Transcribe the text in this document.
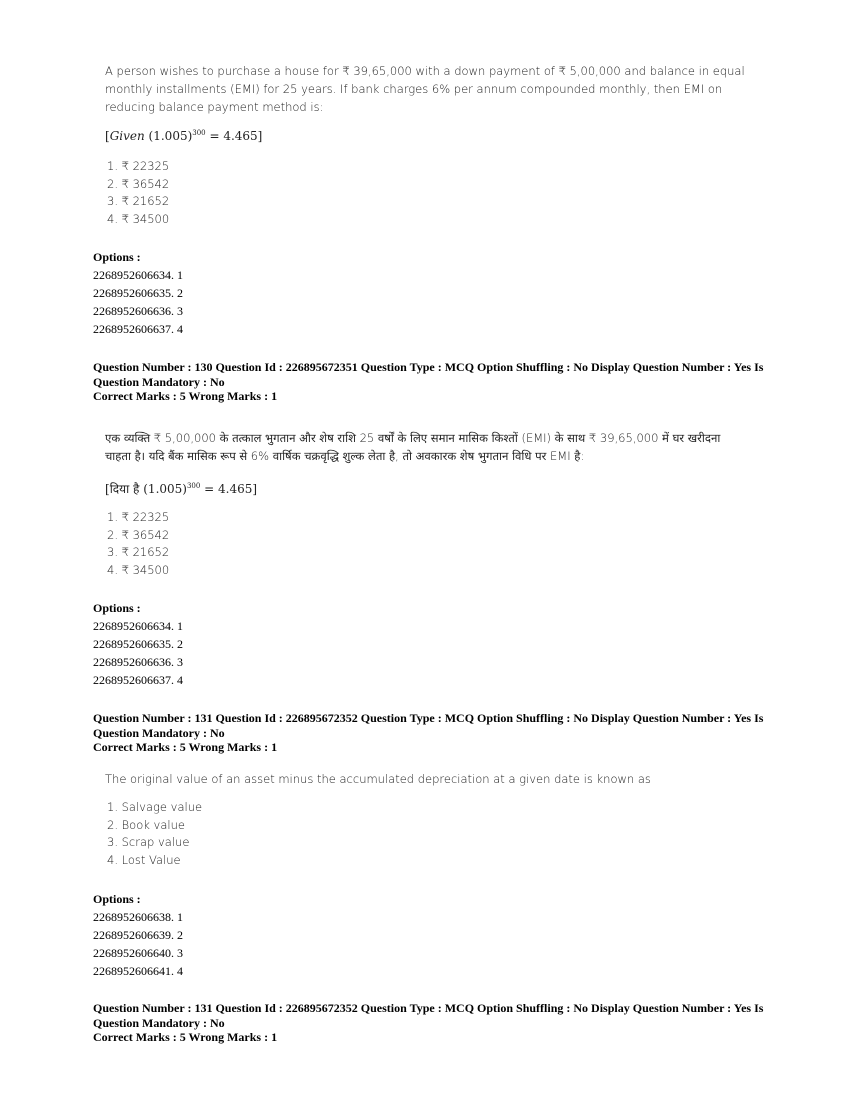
A person wishes to purchase a house for ₹ 39,65,000 with a down payment of ₹ 5,00,000 and balance in equal monthly installments (EMI) for 25 years. If bank charges 6% per annum compounded monthly, then EMI on reducing balance payment method is:
[Given $(1.005)^{300} = 4.465$]
1. ₹ 22325
2. ₹ 36542
3. ₹ 21652
4. ₹ 34500
Options :
2268952606634. 1
2268952606635. 2
2268952606636. 3
2268952606637. 4
Question Number : 130 Question Id : 226895672351 Question Type : MCQ Option Shuffling : No Display Question Number : Yes Is Question Mandatory : No
Correct Marks : 5 Wrong Marks : 1
एक व्यक्ति ₹ 5,00,000 के तत्काल भुगतान और शेष राशि 25 वर्षों के लिए समान मासिक किश्तों (EMI) के साथ ₹ 39,65,000 में घर खरीदना चाहता है। यदि बैंक मासिक रूप से 6% वार्षिक चक्रवृद्धि शुल्क लेता है, तो अवकारक शेष भुगतान विधि पर EMI है:
[दिया है $(1.005)^{300} = 4.465$]
1. ₹ 22325
2. ₹ 36542
3. ₹ 21652
4. ₹ 34500
Options :
2268952606634. 1
2268952606635. 2
2268952606636. 3
2268952606637. 4
Question Number : 131 Question Id : 226895672352 Question Type : MCQ Option Shuffling : No Display Question Number : Yes Is Question Mandatory : No
Correct Marks : 5 Wrong Marks : 1
The original value of an asset minus the accumulated depreciation at a given date is known as
1. Salvage value
2. Book value
3. Scrap value
4. Lost Value
Options :
2268952606638. 1
2268952606639. 2
2268952606640. 3
2268952606641. 4
Question Number : 131 Question Id : 226895672352 Question Type : MCQ Option Shuffling : No Display Question Number : Yes Is Question Mandatory : No
Correct Marks : 5 Wrong Marks : 1
